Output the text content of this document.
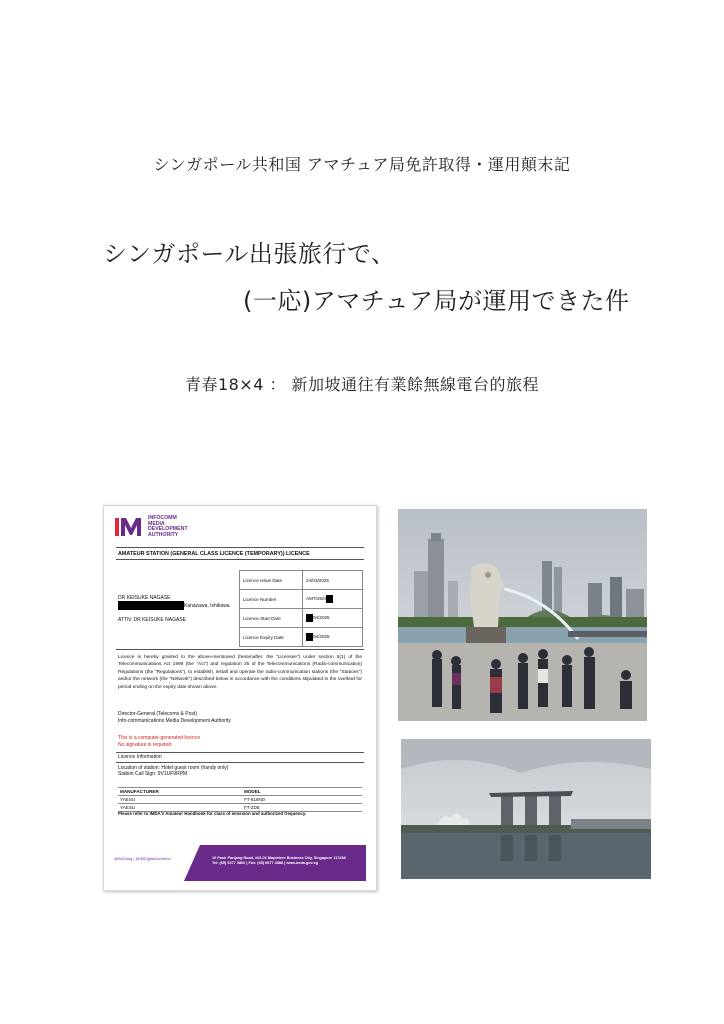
シンガポール共和国 アマチュア局免許取得・運用顛末記
シンガポール出張旅行で、
(一応)アマチュア局が運用できた件
青春18×4 ： 新加坡通往有業餘無線電台的旅程
INFOCOMM
MEDIA
DEVELOPMENT
AUTHORITY
AMATEUR STATION (GENERAL CLASS LICENCE (TEMPORARY)) LICENCE
DR KEISUKE NAGASE
Kanazawa, Ishikawa
ATTN: DR KEISUKE NAGASE
Licence Issue Date	24/03/2025
Licence Number	AMT/25/0
Licence Start Date	04/2025
Licence Expiry Date	04/2025
Licence is hereby granted to the above-mentioned (hereinafter, the "Licensee") under section 5(1) of the Telecommunications Act 1999 (the "Act") and regulation 25 of the Telecommunications (Radio-communication) Regulations (the "Regulations"), to establish, install and operate the radio-communication stations (the "Stations") and/or the network (the "Network") described below in accordance with the conditions stipulated in the overleaf for period ending on the expiry date shown above.
Director-General (Telecoms & Post)
Info-communications Media Development Authority
This is a computer-generated licence
No signature is required
Licence Information
Location of station: Hotel guest room (handy only)
Station Call Sign: 9V1UF9RPM
MANUFACTURER	MODEL
YAESU	FT-818ND
YAESU	FT-2DE
Please refer to IMDA's Amateur Handbook for class of emission and authorized frequency.
@IMDAsg | @IMDigitalArchitect	10 Pasir Panjang Road, #03-01 Mapletree Business City, Singapore 117438
Tel: (65) 6377 3800 | Fax: (65) 6577 3888 | www.imda.gov.sg
